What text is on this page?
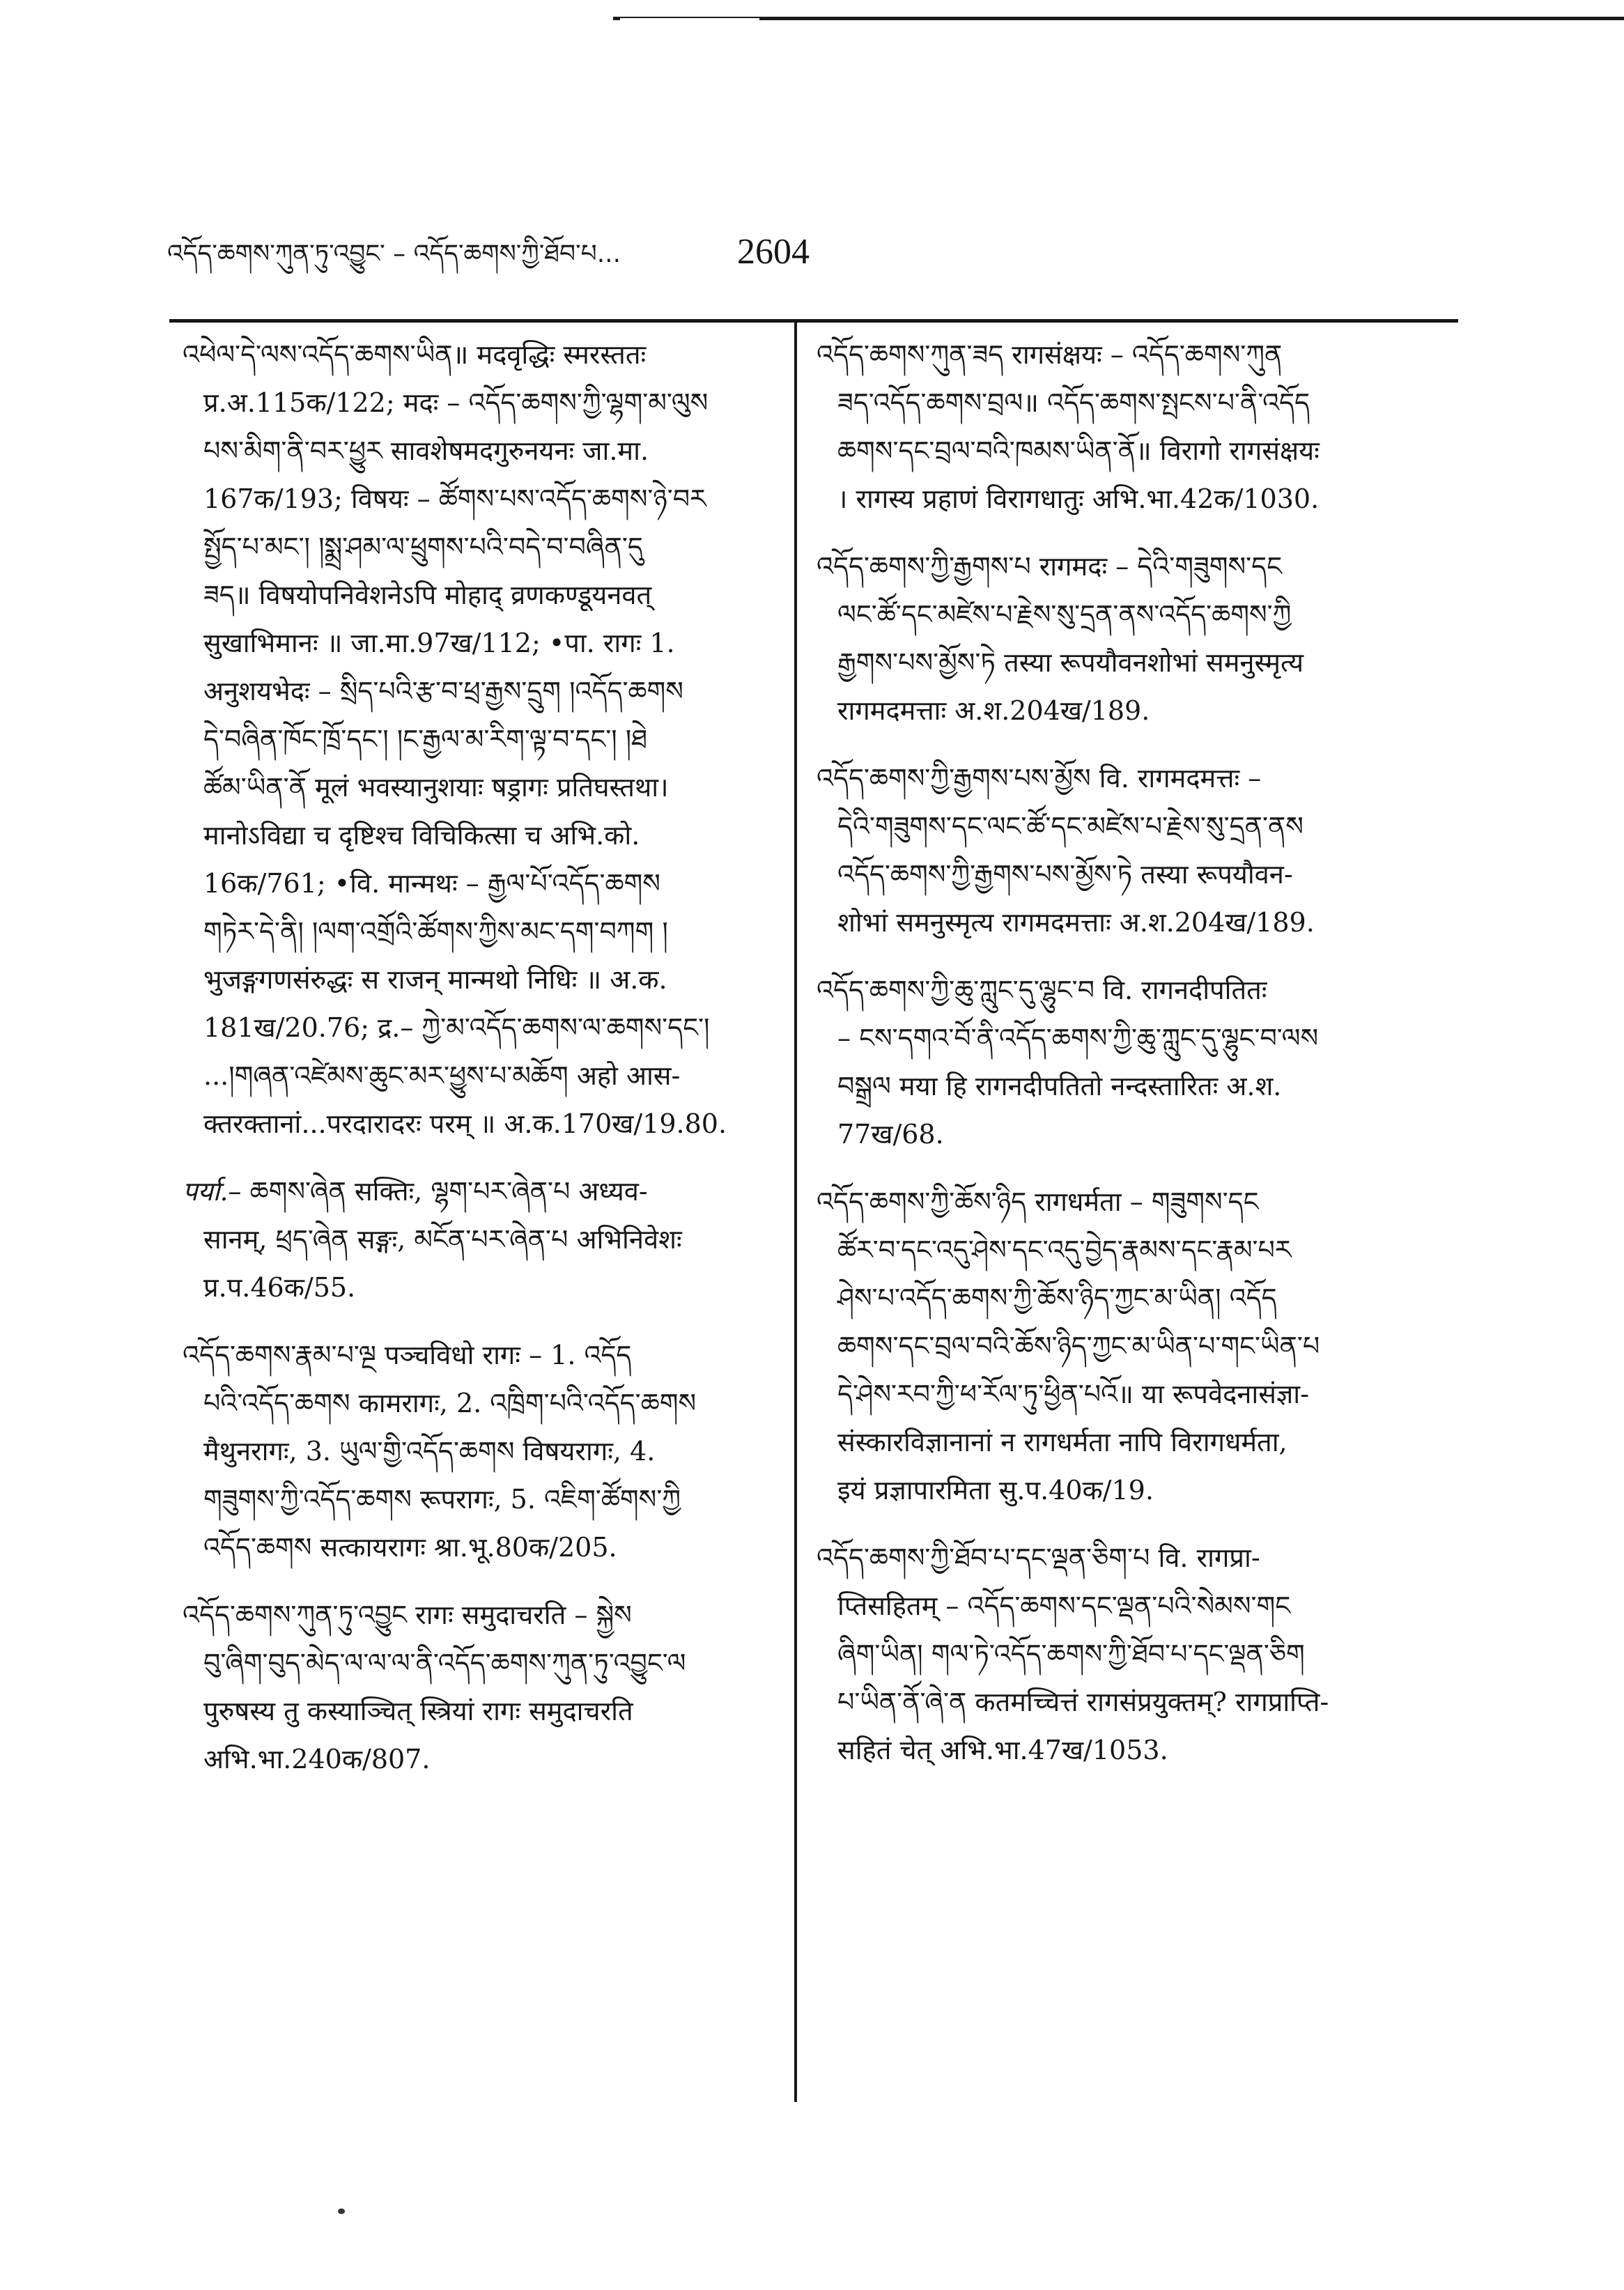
འདོད་ཆགས་ཀུན་ཏུ་འབྱུང་ – འདོད་ཆགས་ཀྱི་ཐོབ་པ...	2604
འཕེལ་དེ་ལས་འདོད་ཆགས་ཡིན॥ मदवृद्धिः स्मरस्ततः
प्र.अ.115क/122; मदः – འདོད་ཆགས་ཀྱི་ལྷག་མ་ལུས
པས་མིག་ནི་བར་ཕྱུར सावशेषमदगुरुनयनः जा.मा.
167क/193; विषयः – ཚོགས་པས་འདོད་ཆགས་ཉེ་བར
སྤྱོད་པ་མང་། །སྨྲ་ཤམ་ལ་ཕྲུགས་པའི་བདེ་བ་བཞིན་དུ
ཟད॥ विषयोपनिवेशनेऽपि मोहाद् व्रणकण्डूयनवत्
सुखाभिमानः ॥ जा.मा.97ख/112; •पा. रागः 1.
अनुशयभेदः – སྲིད་པའི་རྩ་བ་ཕྲ་རྒྱས་དྲུག །འདོད་ཆགས
དེ་བཞིན་ཁོང་ཁྲོ་དང་། །ང་རྒྱལ་མ་རིག་ལྟ་བ་དང་། །ཐེ
ཚོམ་ཡིན་ནོ मूलं भवस्यानुशयाः षड्रागः प्रतिघस्तथा।
मानोऽविद्या च दृष्टिश्च विचिकित्सा च अभि.को.
16क/761; •वि. मान्मथः – རྒྱལ་པོ་འདོད་ཆགས
གཏེར་དེ་ནི། །ལག་འགྲོའི་ཚོགས་ཀྱིས་མང་དག་བཀག །
भुजङ्गगणसंरुद्धः स राजन् मान्मथो निधिः ॥ अ.क.
181ख/20.76; द्र.– ཀྱེ་མ་འདོད་ཆགས་ལ་ཆགས་དང་།
...།གཞན་འཛེམས་ཆུང་མར་ཕྱུས་པ་མཆོག अहो आस-
क्तरक्तानां...परदारादरः परम् ॥ अ.क.170ख/19.80.
पर्या.– ཆགས་ཞེན सक्तिः, ལྷག་པར་ཞེན་པ अध्यव-
सानम्, ཕྲད་ཞེན सङ्गः, མངོན་པར་ཞེན་པ अभिनिवेशः
प्र.प.46क/55.
འདོད་ཆགས་རྣམ་པ་ལྔ पञ्चविधो रागः – 1. འདོད
པའི་འདོད་ཆགས कामरागः, 2. འཁྲིག་པའི་འདོད་ཆགས
मैथुनरागः, 3. ཡུལ་གྱི་འདོད་ཆགས विषयरागः, 4.
གཟུགས་ཀྱི་འདོད་ཆགས रूपरागः, 5. འཇིག་ཚོགས་ཀྱི
འདོད་ཆགས सत्कायरागः श्रा.भू.80क/205.
འདོད་ཆགས་ཀུན་ཏུ་འབྱུང रागः समुदाचरति – སྐྱེས
བུ་ཞིག་བུད་མེད་ལ་ལ་ལ་ནི་འདོད་ཆགས་ཀུན་ཏུ་འབྱུང་ལ
पुरुषस्य तु कस्याञ्चित् स्त्रियां रागः समुदाचरति
अभि.भा.240क/807.
འདོད་ཆགས་ཀུན་ཟད रागसंक्षयः – འདོད་ཆགས་ཀུན
ཟད་འདོད་ཆགས་བྲལ॥ འདོད་ཆགས་སྤངས་པ་ནི་འདོད
ཆགས་དང་བྲལ་བའི་ཁམས་ཡིན་ནོ॥ विरागो रागसंक्षयः
। रागस्य प्रहाणं विरागधातुः अभि.भा.42क/1030.
འདོད་ཆགས་ཀྱི་རྒྱགས་པ रागमदः – དེའི་གཟུགས་དང
ལང་ཚོ་དང་མཛེས་པ་རྗེས་སུ་དྲན་ནས་འདོད་ཆགས་ཀྱི
རྒྱགས་པས་མྱོས་ཏེ तस्या रूपयौवनशोभां समनुस्मृत्य
रागमदमत्ताः अ.श.204ख/189.
འདོད་ཆགས་ཀྱི་རྒྱགས་པས་མྱོས वि. रागमदमत्तः –
དེའི་གཟུགས་དང་ལང་ཚོ་དང་མཛེས་པ་རྗེས་སུ་དྲན་ནས
འདོད་ཆགས་ཀྱི་རྒྱགས་པས་མྱོས་ཏེ तस्या रूपयौवन-
शोभां समनुस्मृत्य रागमदमत्ताः अ.श.204ख/189.
འདོད་ཆགས་ཀྱི་ཆུ་ཀླུང་དུ་ལྷུང་བ वि. रागनदीपतितः
– ངས་དགའ་བོ་ནི་འདོད་ཆགས་ཀྱི་ཆུ་ཀླུང་དུ་ལྷུང་བ་ལས
བསྒྲལ मया हि रागनदीपतितो नन्दस्तारितः अ.श.
77ख/68.
འདོད་ཆགས་ཀྱི་ཆོས་ཉིད रागधर्मता – གཟུགས་དང
ཚོར་བ་དང་འདུ་ཤེས་དང་འདུ་བྱེད་རྣམས་དང་རྣམ་པར
ཤེས་པ་འདོད་ཆགས་ཀྱི་ཆོས་ཉིད་ཀྱང་མ་ཡིན། འདོད
ཆགས་དང་བྲལ་བའི་ཆོས་ཉིད་ཀྱང་མ་ཡིན་པ་གང་ཡིན་པ
དེ་ཤེས་རབ་ཀྱི་ཕ་རོལ་ཏུ་ཕྱིན་པའོ॥ या रूपवेदनासंज्ञा-
संस्कारविज्ञानानां न रागधर्मता नापि विरागधर्मता,
इयं प्रज्ञापारमिता सु.प.40क/19.
འདོད་ཆགས་ཀྱི་ཐོབ་པ་དང་ལྡན་ཅིག་པ वि. रागप्रा-
प्तिसहितम् – འདོད་ཆགས་དང་ལྡན་པའི་སེམས་གང
ཞིག་ཡིན། གལ་ཏེ་འདོད་ཆགས་ཀྱི་ཐོབ་པ་དང་ལྡན་ཅིག
པ་ཡིན་ནོ་ཞེ་ན कतमच्चित्तं रागसंप्रयुक्तम्? रागप्राप्ति-
सहितं चेत् अभि.भा.47ख/1053.
